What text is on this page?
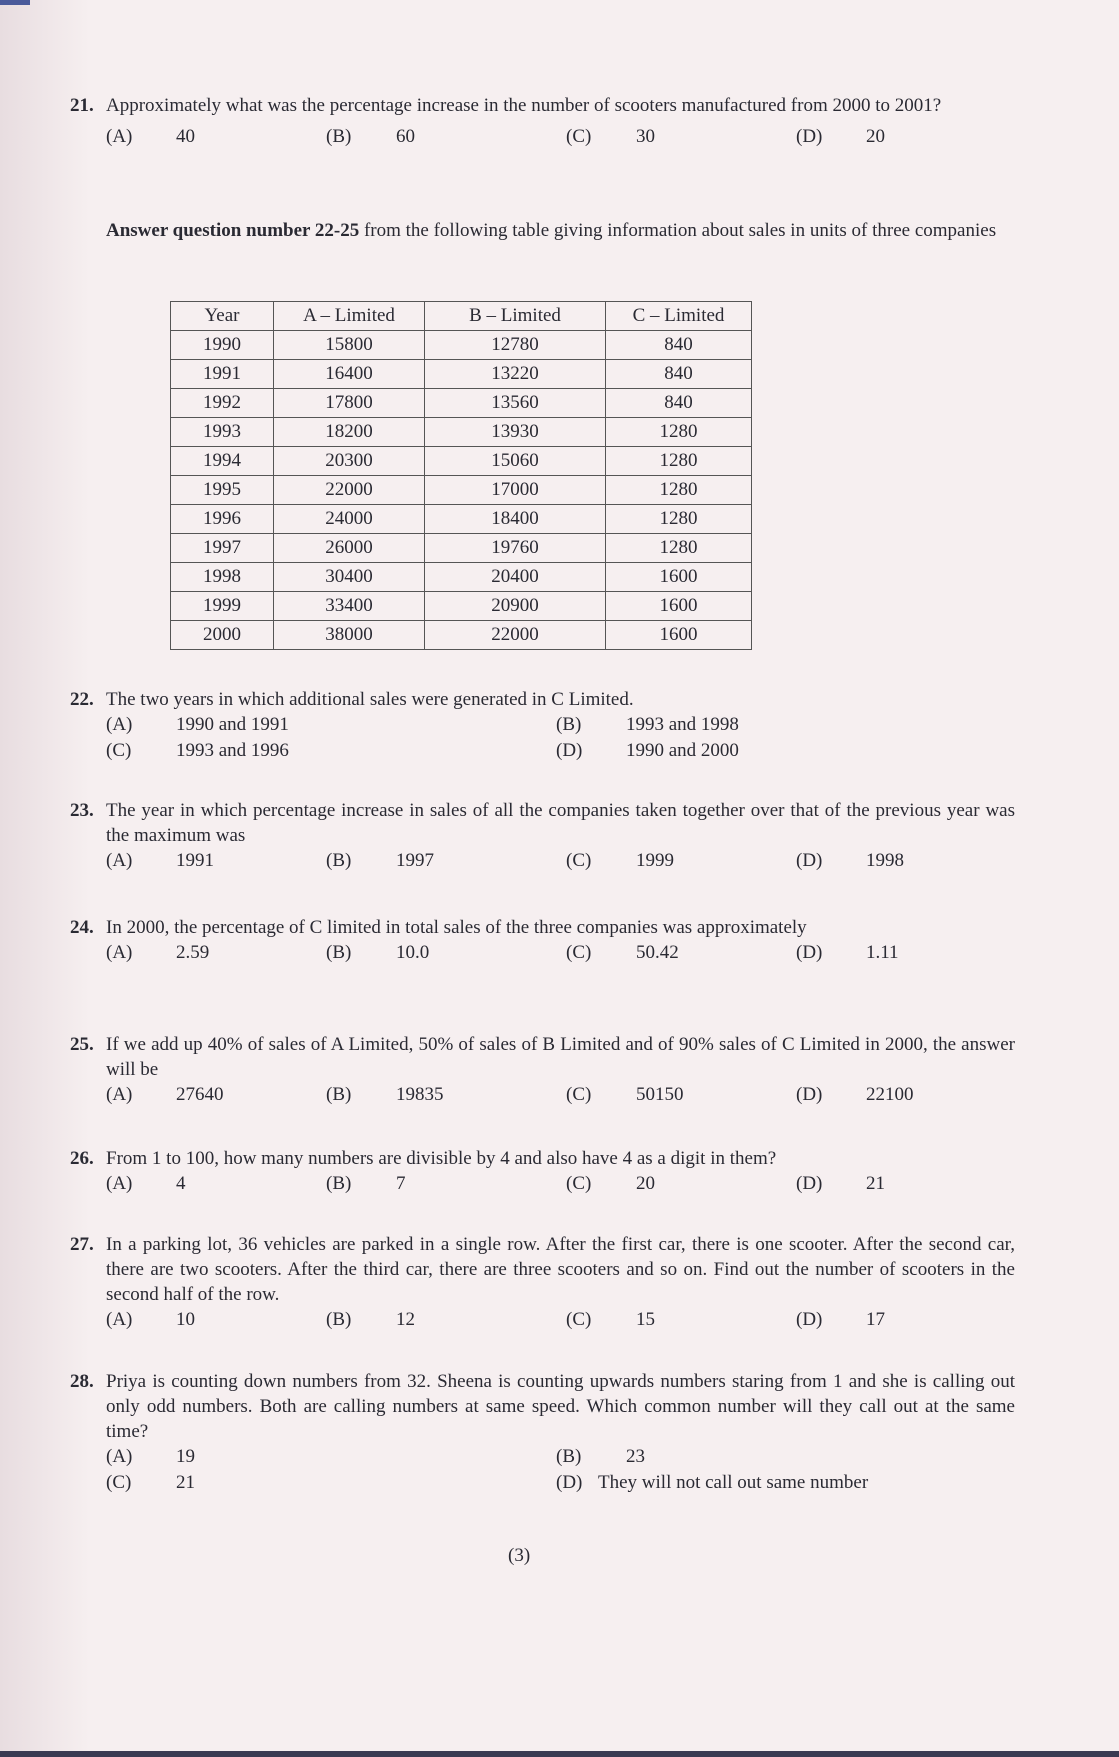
21. Approximately what was the percentage increase in the number of scooters manufactured from 2000 to 2001?
(A) 40	(B) 60	(C) 30	(D) 20
Answer question number 22-25 from the following table giving information about sales in units of three companies
Year	A – Limited	B – Limited	C – Limited
1990	15800	12780	840
1991	16400	13220	840
1992	17800	13560	840
1993	18200	13930	1280
1994	20300	15060	1280
1995	22000	17000	1280
1996	24000	18400	1280
1997	26000	19760	1280
1998	30400	20400	1600
1999	33400	20900	1600
2000	38000	22000	1600
22. The two years in which additional sales were generated in C Limited.
(A) 1990 and 1991	(B) 1993 and 1998
(C) 1993 and 1996	(D) 1990 and 2000
23. The year in which percentage increase in sales of all the companies taken together over that of the previous year was the maximum was
(A) 1991	(B) 1997	(C) 1999	(D) 1998
24. In 2000, the percentage of C limited in total sales of the three companies was approximately
(A) 2.59	(B) 10.0	(C) 50.42	(D) 1.11
25. If we add up 40% of sales of A Limited, 50% of sales of B Limited and of 90% sales of C Limited in 2000, the answer will be
(A) 27640	(B) 19835	(C) 50150	(D) 22100
26. From 1 to 100, how many numbers are divisible by 4 and also have 4 as a digit in them?
(A) 4	(B) 7	(C) 20	(D) 21
27. In a parking lot, 36 vehicles are parked in a single row. After the first car, there is one scooter. After the second car, there are two scooters. After the third car, there are three scooters and so on. Find out the number of scooters in the second half of the row.
(A) 10	(B) 12	(C) 15	(D) 17
28. Priya is counting down numbers from 32. Sheena is counting upwards numbers staring from 1 and she is calling out only odd numbers. Both are calling numbers at same speed. Which common number will they call out at the same time?
(A) 19	(B) 23
(C) 21	(D) They will not call out same number
(3)
